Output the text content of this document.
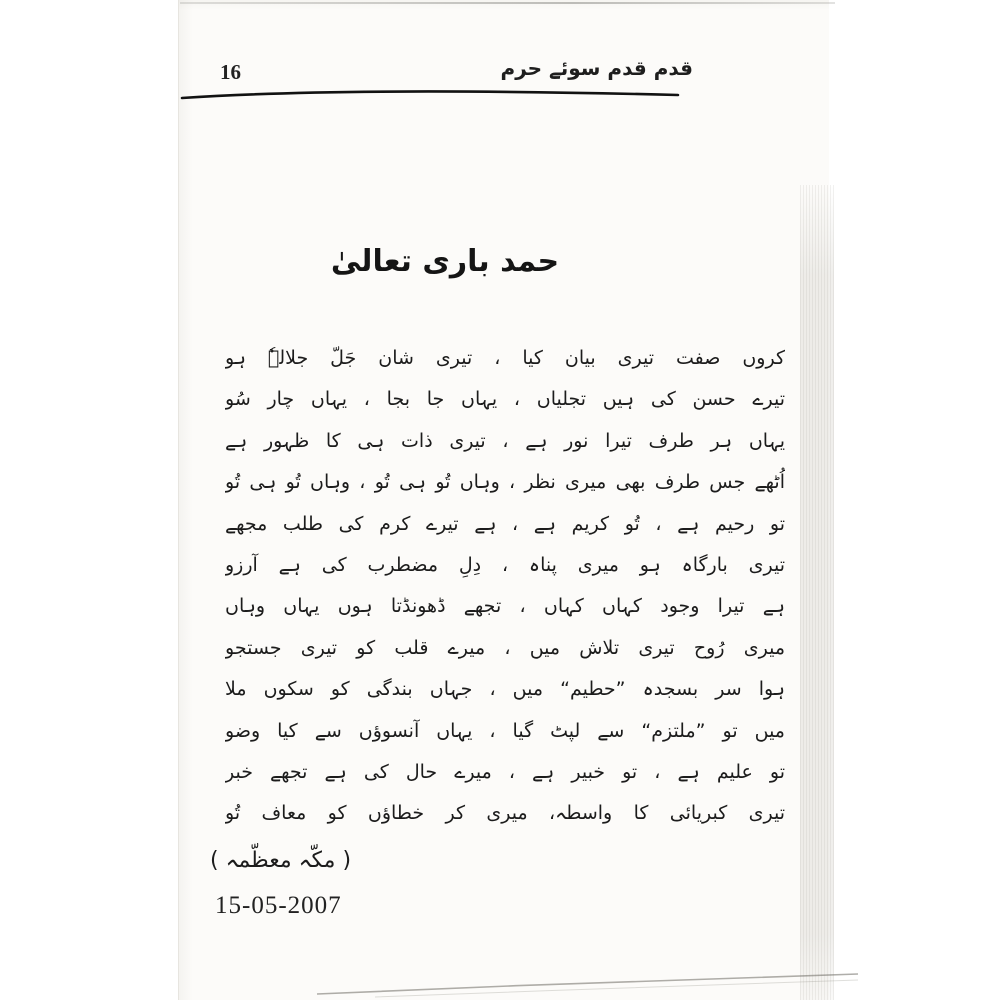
16	قدم قدم سوئے حرم
حمد باری تعالیٰ
کروں صفت تیری بیان کیا ، تیری شان جَلّ جلالہٗ ہو
تیرے حسن کی ہیں تجلیاں ، یہاں جا بجا ، یہاں چار سُو
یہاں ہر طرف تیرا نور ہے ، تیری ذات ہی کا ظہور ہے
اُٹھے جس طرف بھی میری نظر ، وہاں تُو ہی تُو ، وہاں تُو ہی تُو
تو رحیم ہے ، تُو کریم ہے ، ہے تیرے کرم کی طلب مجھے
تیری بارگاہ ہو میری پناہ ، دِلِ مضطرب کی ہے آرزو
ہے تیرا وجود کہاں کہاں ، تجھے ڈھونڈتا ہوں یہاں وہاں
میری رُوح تیری تلاش میں ، میرے قلب کو تیری جستجو
ہوا سر بسجدہ ”حطیم“ میں ، جہاں بندگی کو سکوں ملا
میں تو ”ملتزم“ سے لپٹ گیا ، یہاں آنسوؤں سے کیا وضو
تو علیم ہے ، تو خبیر ہے ، میرے حال کی ہے تجھے خبر
تیری کبریائی کا واسطہ، میری کر خطاؤں کو معاف تُو
( مکّہ معظّمہ )
15-05-2007
